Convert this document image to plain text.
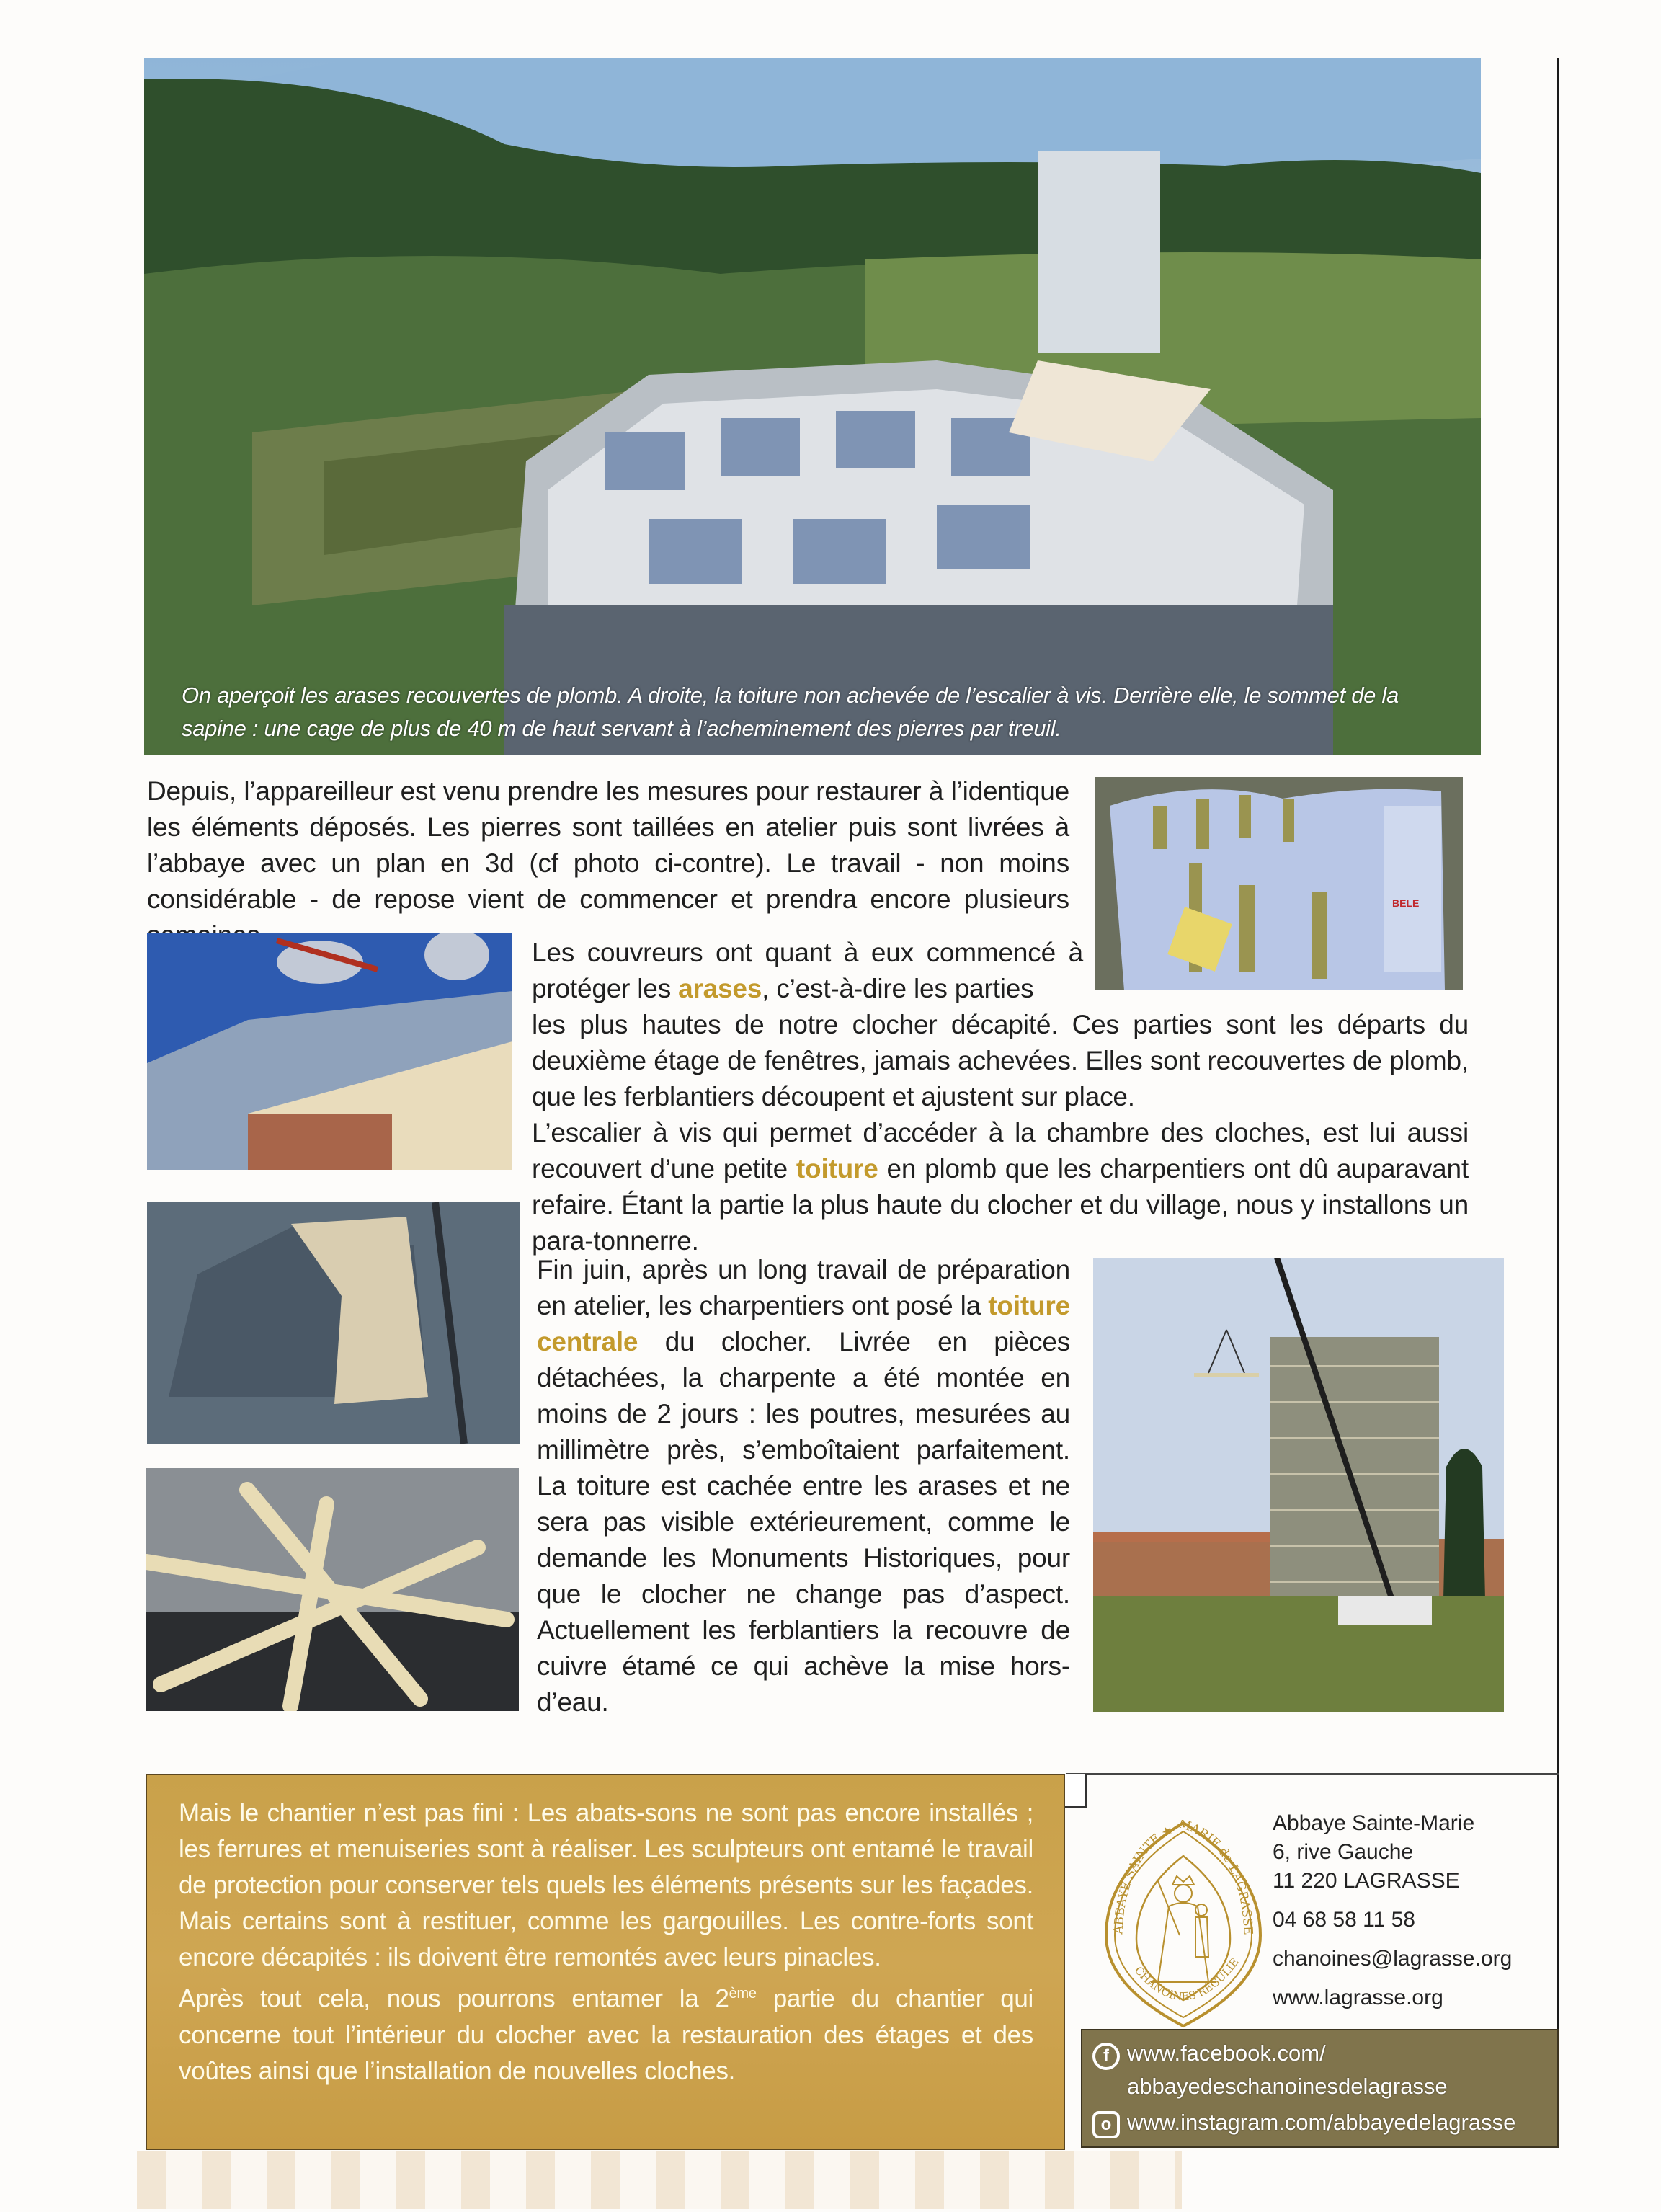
On aperçoit les arases recouvertes de plomb. A droite, la toiture non achevée de l’escalier à vis. Derrière elle, le sommet de la
sapine : une cage de plus de 40 m de haut servant à l’acheminement des pierres par treuil.
Depuis, l’appareilleur est venu prendre les mesures pour restaurer à l’identique les éléments déposés. Les pierres sont taillées en atelier puis sont livrées à l’abbaye avec un plan en 3d (cf photo ci-contre). Le travail - non moins considérable - de repose vient de commencer et prendra encore plusieurs	BELE
Les couvreurs ont quant à eux commencé à protéger les arases, c’est-à-dire les parties
les plus hautes de notre clocher décapité. Ces parties sont les départs du deuxième étage de fenêtres, jamais achevées. Elles sont recouvertes de plomb, que les ferblantiers découpent et ajustent sur place.
L’escalier à vis qui permet d’accéder à la chambre des cloches, est lui aussi recouvert d’une petite toiture en plomb que les charpentiers ont dû auparavant refaire. Étant la partie la plus haute du clocher et du village, nous y installons un para-tonnerre.
Fin juin, après un long travail de préparation en atelier, les charpentiers ont posé la toiture centrale du clocher. Livrée en pièces détachées, la charpente a été montée en moins de 2 jours : les poutres, mesurées au millimètre près, s’emboîtaient parfaitement. La toiture est cachée entre les arases et ne sera pas visible extérieurement, comme le demande les Monuments Historiques, pour que le clocher ne change pas d’aspect. Actuellement les ferblantiers la recouvre de cuivre étamé ce qui achève la mise hors-d’eau.
Mais le chantier n’est pas fini : Les abats-sons ne sont pas encore installés ; les ferrures et menuiseries sont à réaliser. Les sculpteurs ont entamé le travail de protection pour conserver tels quels les éléments présents sur les façades. Mais certains sont à restituer, comme les gargouilles. Les contre-forts sont encore décapités : ils doivent être remontés avec leurs pinacles.
Après tout cela, nous pourrons entamer la 2ème partie du chantier qui concerne tout l’intérieur du clocher avec la restauration des étages et des voûtes ainsi que l’installation de nouvelles cloches.
ABBAYE SAINTE ★ MARIE de LAGRASSE
CHANOINES RÉGULIE
Abbaye Sainte-Marie
6, rive Gauche
11 220 LAGRASSE
04 68 58 11 58
chanoines@lagrasse.org
www.lagrasse.org
f www.facebook.com/
abbayedeschanoinesdelagrasse
o www.instagram.com/abbayedelagrasse
